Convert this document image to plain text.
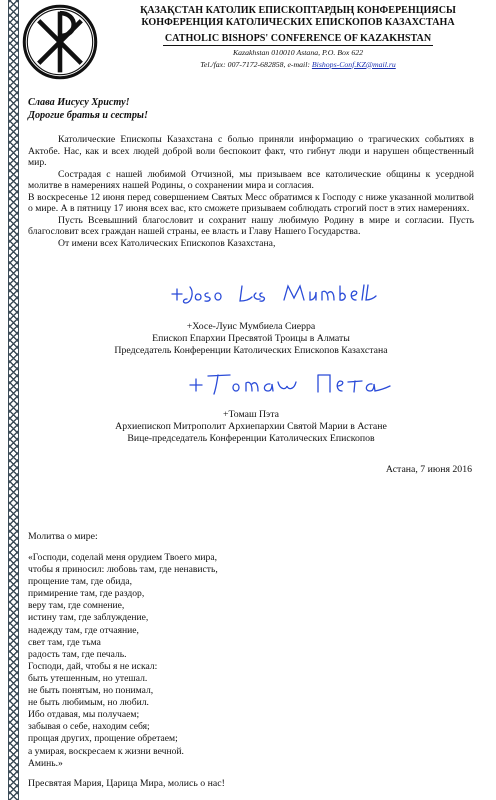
ҚАЗАҚСТАН КАТОЛИК ЕПИСКОПТАРДЫҢ КОНФЕРЕНЦИЯСЫ
КОНФЕРЕНЦИЯ КАТОЛИЧЕСКИХ ЕПИСКОПОВ КАЗАХСТАНА
CATHOLIC BISHOPS' CONFERENCE OF KAZAKHSTAN
Kazakhstan 010010 Astana, P.O. Box 622
Tel./fax: 007-7172-682858, e-mail: Bishops-Conf.KZ@mail.ru
Слава Иисусу Христу!
Дорогие братья и сестры!

Католические Епископы Казахстана с болью приняли информацию о трагических событиях в Актобе. Нас, как и всех людей доброй воли беспокоит факт, что гибнут люди и нарушен общественный мир.

Сострадая с нашей любимой Отчизной, мы призываем все католические общины к усердной молитве в намерениях нашей Родины, о сохранении мира и согласия.

В воскресенье 12 июня перед совершением Святых Месс обратимся к Господу с ниже указанной молитвой о мире. А в пятницу 17 июня всех вас, кто сможете призываем соблюдать строгий пост в этих намерениях.

Пусть Всевышний благословит и сохранит нашу любимую Родину в мире и согласии. Пусть благословит всех граждан нашей страны, ее власть и Главу Нашего Государства.

От имени всех Католических Епископов Казахстана,

+Хосе-Луис Мумбиела Сиерра
Епископ Епархии Пресвятой Троицы в Алматы
Председатель Конференции Католических Епископов Казахстана
+Томаш Пэта
Архиепископ Митрополит Архиепархии Святой Марии в Астане
Вице-председатель Конференции Католических Епископов
Астана, 7 июня 2016
Молитва о мире:
«Господи, соделай меня орудием Твоего мира,
чтобы я приносил: любовь там, где ненависть,
прощение там, где обида,
примирение там, где раздор,
веру там, где сомнение,
истину там, где заблуждение,
надежду там, где отчаяние,
свет там, где тьма
радость там, где печаль.
Господи, дай, чтобы я не искал:
быть утешенным, но утешал.
не быть понятым, но понимал,
не быть любимым, но любил.
Ибо отдавая, мы получаем;
забывая о себе, находим себя;
прощая других, прощение обретаем;
а умирая, воскресаем к жизни вечной.
Аминь.»
Пресвятая Мария, Царица Мира, молись о нас!
